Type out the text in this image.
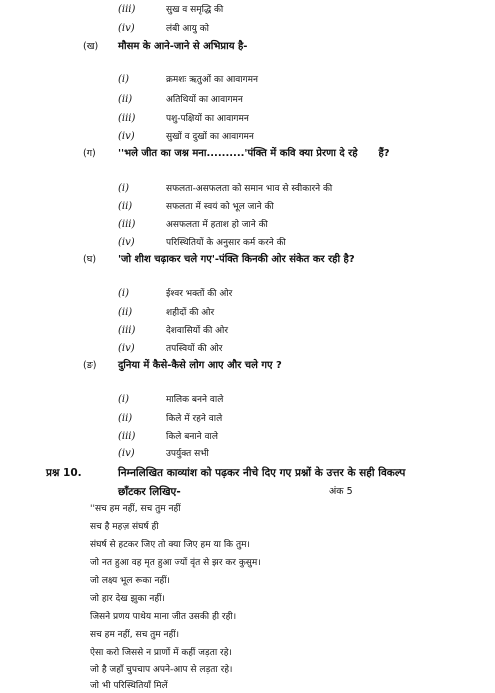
(iii)	सुख व समृद्धि की
(iv)	लंबी आयु को
(ख) मौसम के आने-जाने से अभिप्राय है-
(i)	क्रमशः ऋतुओं का आवागमन
(ii)	अतिथियों का आवागमन
(iii)	पशु-पक्षियों का आवागमन
(iv)	सुखों व दुखों का आवागमन
(ग) ''भले जीत का जश्न मना..........'पंक्ति में कवि क्या प्रेरणा दे रहे      हैं?
(i)	सफलता-असफलता को समान भाव से स्वीकारने की
(ii)	सफलता में स्वयं को भूल जाने की
(iii)	असफलता में हताश हो जाने की
(iv)	परिस्थितियों के अनुसार कर्म करने की
(घ) 'जो शीश चढ़ाकर चले गए'-पंक्ति किनकी ओर संकेत कर रही है?
(i)	ईश्वर भक्तों की ओर
(ii)	शहीदों की ओर
(iii)	देशवासियों की ओर
(iv)	तपस्वियों की ओर
(ङ) दुनिया में कैसे-कैसे लोग आए और चले गए ?
(i)	मालिक बनने वाले
(ii)	किले में रहने वाले
(iii)	किले बनाने वाले
(iv)	उपर्युक्त सभी
प्रश्न 10.	निम्नलिखित काव्यांश को पढ़कर नीचे दिए गए प्रश्नों के उत्तर के सही विकल्प
छाँटकर लिखिए-	अंक 5
''सच हम नहीं, सच तुम नहीं
सच है महज़ संघर्ष ही
संघर्ष से हटकर जिए तो क्या जिए हम या कि तुम।
जो नत हुआ वह मृत हुआ ज्यों वृंत से झर कर कुसुम।
जो लक्ष्य भूल रूका नहीं।
जो हार देख झुका नहीं।
जिसने प्रणय पाथेय माना जीत उसकी ही रही।
सच हम नहीं, सच तुम नहीं।
ऐसा करो जिससे न प्राणों में कहीं जड़ता रहे।
जो है जहाँ चुपचाप अपने-आप से लड़ता रहे।
जो भी परिस्थितियाँ मिलें
